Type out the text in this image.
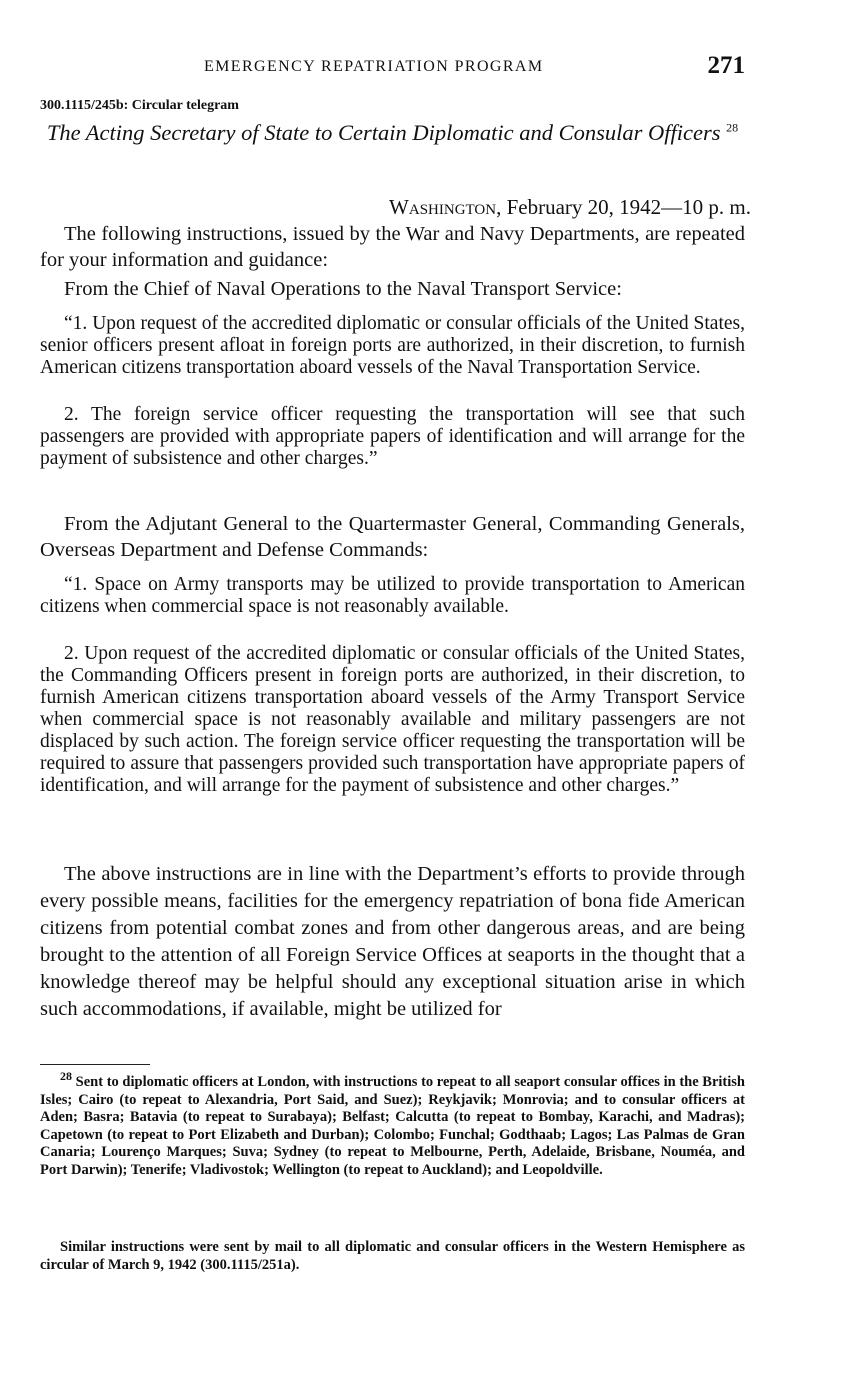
EMERGENCY REPATRIATION PROGRAM	271
300.1115/245b: Circular telegram
The Acting Secretary of State to Certain Diplomatic and Consular Officers $^{28}$
Washington, February 20, 1942—10 p. m.

The following instructions, issued by the War and Navy Departments, are repeated for your information and guidance:

From the Chief of Naval Operations to the Naval Transport Service:

“1. Upon request of the accredited diplomatic or consular officials of the United States, senior officers present afloat in foreign ports are authorized, in their discretion, to furnish American citizens transportation aboard vessels of the Naval Transportation Service.

2. The foreign service officer requesting the transportation will see that such passengers are provided with appropriate papers of identification and will arrange for the payment of subsistence and other charges.”

From the Adjutant General to the Quartermaster General, Commanding Generals, Overseas Department and Defense Commands:

“1. Space on Army transports may be utilized to provide transportation to American citizens when commercial space is not reasonably available.

2. Upon request of the accredited diplomatic or consular officials of the United States, the Commanding Officers present in foreign ports are authorized, in their discretion, to furnish American citizens transportation aboard vessels of the Army Transport Service when commercial space is not reasonably available and military passengers are not displaced by such action. The foreign service officer requesting the transportation will be required to assure that passengers provided such transportation have appropriate papers of identification, and will arrange for the payment of subsistence and other charges.”

The above instructions are in line with the Department’s efforts to provide through every possible means, facilities for the emergency repatriation of bona fide American citizens from potential combat zones and from other dangerous areas, and are being brought to the attention of all Foreign Service Offices at seaports in the thought that a knowledge thereof may be helpful should any exceptional situation arise in which such accommodations, if available, might be utilized for

$^{28}$ Sent to diplomatic officers at London, with instructions to repeat to all seaport consular offices in the British Isles; Cairo (to repeat to Alexandria, Port Said, and Suez); Reykjavik; Monrovia; and to consular officers at Aden; Basra; Batavia (to repeat to Surabaya); Belfast; Calcutta (to repeat to Bombay, Karachi, and Madras); Capetown (to repeat to Port Elizabeth and Durban); Colombo; Funchal; Godthaab; Lagos; Las Palmas de Gran Canaria; Lourenço Marques; Suva; Sydney (to repeat to Melbourne, Perth, Adelaide, Brisbane, Nouméa, and Port Darwin); Tenerife; Vladivostok; Wellington (to repeat to Auckland); and Leopoldville.

Similar instructions were sent by mail to all diplomatic and consular officers in the Western Hemisphere as circular of March 9, 1942 (300.1115/251a).
